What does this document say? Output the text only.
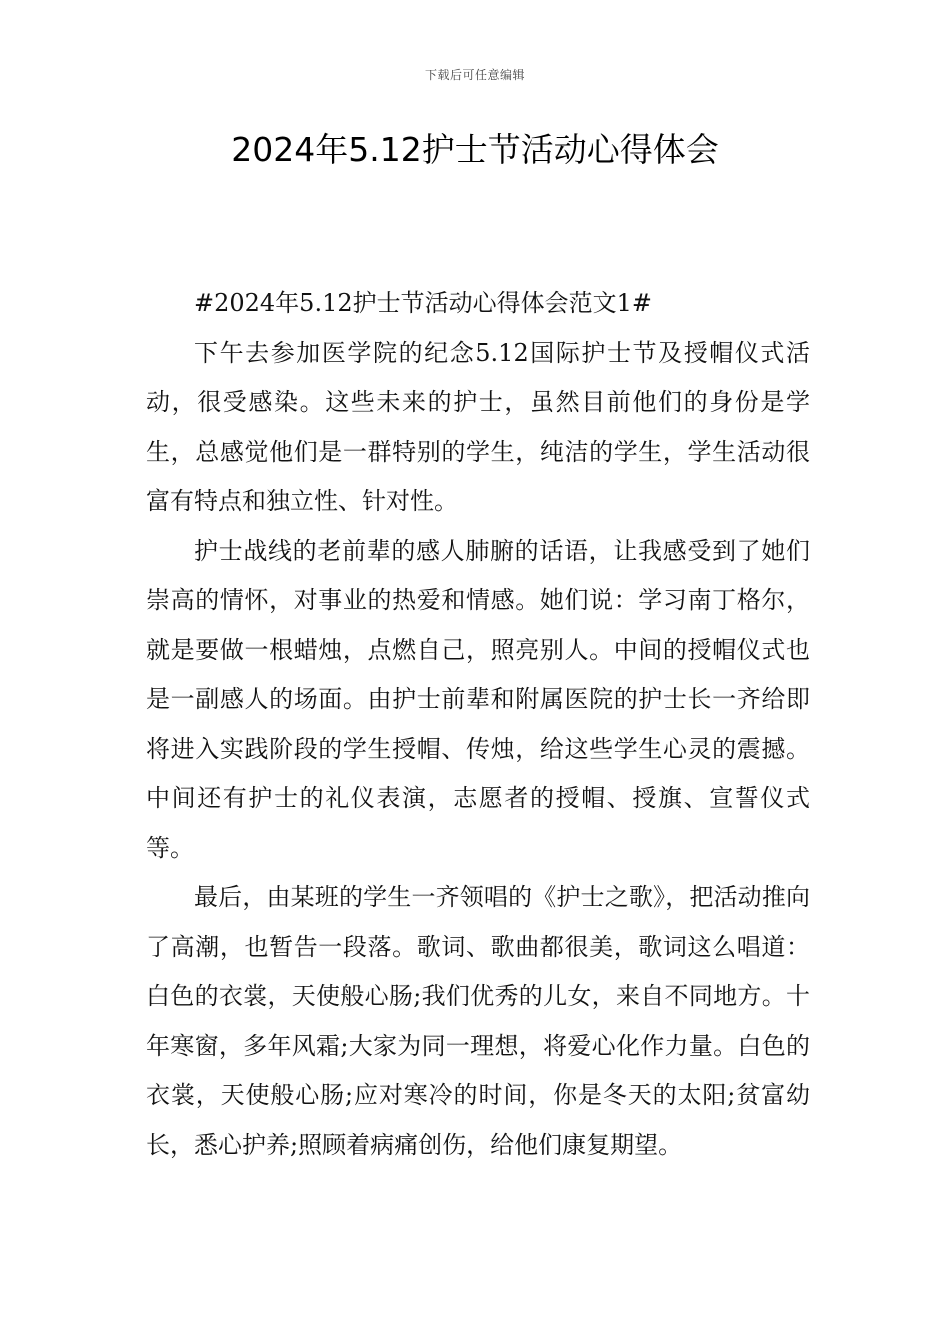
下载后可任意编辑
2024年5.12护士节活动心得体会

#2024年5.12护士节活动心得体会范文1#

下午去参加医学院的纪念5.12国际护士节及授帽仪式活动，很受感染。这些未来的护士，虽然目前他们的身份是学生，总感觉他们是一群特别的学生，纯洁的学生，学生活动很富有特点和独立性、针对性。

护士战线的老前辈的感人肺腑的话语，让我感受到了她们崇高的情怀，对事业的热爱和情感。她们说：学习南丁格尔，就是要做一根蜡烛，点燃自己，照亮别人。中间的授帽仪式也是一副感人的场面。由护士前辈和附属医院的护士长一齐给即将进入实践阶段的学生授帽、传烛，给这些学生心灵的震撼。中间还有护士的礼仪表演，志愿者的授帽、授旗、宣誓仪式等。

最后，由某班的学生一齐领唱的《护士之歌》，把活动推向了高潮，也暂告一段落。歌词、歌曲都很美，歌词这么唱道：白色的衣裳，天使般心肠;我们优秀的儿女，来自不同地方。十年寒窗，多年风霜;大家为同一理想，将爱心化作力量。白色的衣裳，天使般心肠;应对寒冷的时间，你是冬天的太阳;贫富幼长，悉心护养;照顾着病痛创伤，给他们康复期望。
